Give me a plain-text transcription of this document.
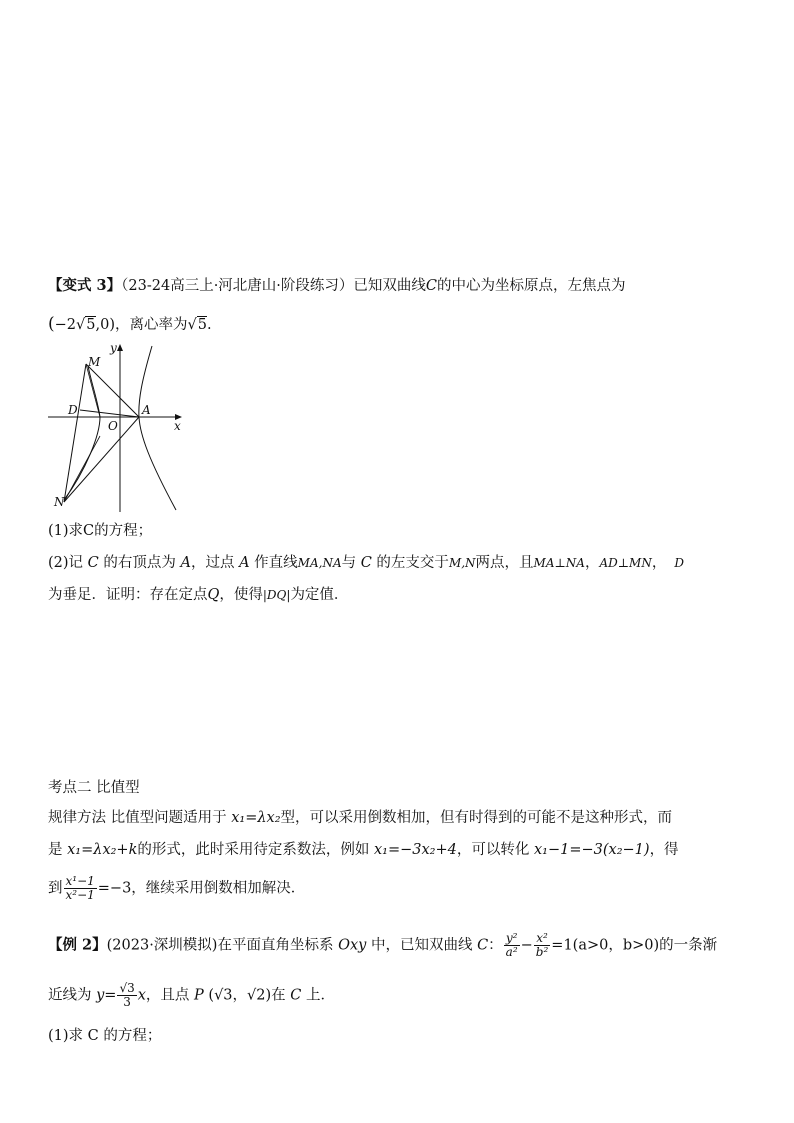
【变式 3】（23-24高三上·河北唐山·阶段练习）已知双曲线C的中心为坐标原点，左焦点为
(−2√5,0)，离心率为√5.
y
x
M
D
O
A
N
(1)求C的方程；
(2)记 C 的右顶点为 A，过点 A 作直线MA,NA与 C 的左支交于M,N两点，且MA⊥NA，AD⊥MN， D
为垂足．证明：存在定点Q，使得|DQ|为定值．
考点二 比值型
规律方法 比值型问题适用于 x₁=λx₂型，可以采用倒数相加，但有时得到的可能不是这种形式，而
是 x₁=λx₂+k的形式，此时采用待定系数法，例如 x₁=−3x₂+4，可以转化 x₁−1=−3(x₂−1)，得
到 $\frac{\text{x¹−1}}{\text{x²−1}} =-3$，继续采用倒数相加解决．
【例 2】(2023·深圳模拟)在平面直角坐标系 Oxy 中，已知双曲线 C： $\frac{\text{y²}}{\text{a²}} - \frac{\text{x²}}{\text{b²}} =1(a>0$，b>0)的一条渐
近线为 $y= \frac{√3}{3}$ x，且点 P (√3，√2)在 C 上．
(1)求 C 的方程；
